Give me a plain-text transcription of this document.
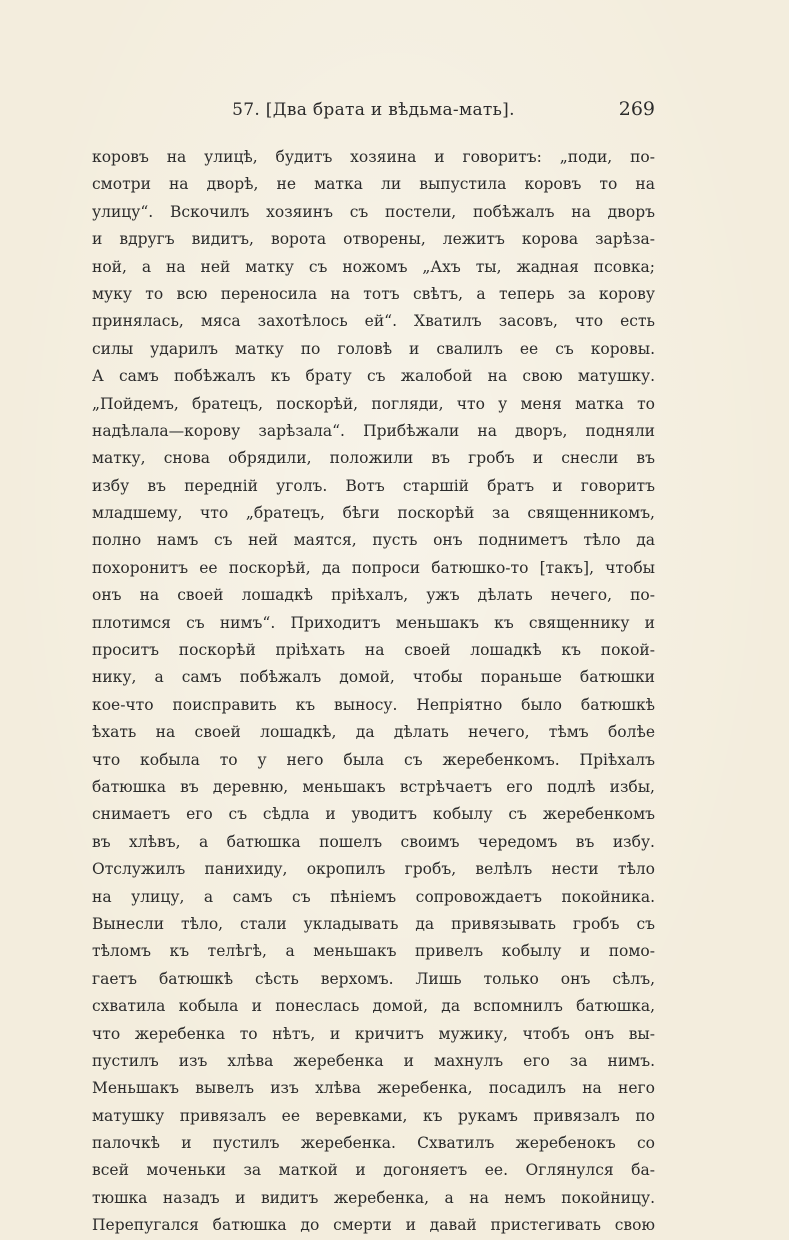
57. [Два брата и вѣдьма-мать].	269
коровъ на улицѣ, будитъ хозяина и говоритъ: „поди, по-
смотри на дворѣ, не матка ли выпустила коровъ то на
улицу“. Вскочилъ хозяинъ съ постели, побѣжалъ на дворъ
и вдругъ видитъ, ворота отворены, лежитъ корова зарѣза-
ной, а на ней матку съ ножомъ „Ахъ ты, жадная псовка;
муку то всю переносила на тотъ свѣтъ, а теперь за корову
принялась, мяса захотѣлось ей“. Хватилъ засовъ, что есть
силы ударилъ матку по головѣ и свалилъ ее съ коровы.
А самъ побѣжалъ къ брату съ жалобой на свою матушку.
„Пойдемъ, братецъ, поскорѣй, погляди, что у меня матка то
надѣлала—корову зарѣзала“. Прибѣжали на дворъ, подняли
матку, снова обрядили, положили въ гробъ и снесли въ
избу въ передній уголъ. Вотъ старшій братъ и говоритъ
младшему, что „братецъ, бѣги поскорѣй за священникомъ,
полно намъ съ ней маятся, пусть онъ подниметъ тѣло да
похоронитъ ее поскорѣй, да попроси батюшко-то [такъ], чтобы
онъ на своей лошадкѣ пріѣхалъ, ужъ дѣлать нечего, по-
плотимся съ нимъ“. Приходитъ меньшакъ къ священнику и
проситъ поскорѣй пріѣхать на своей лошадкѣ къ покой-
нику, а самъ побѣжалъ домой, чтобы пораньше батюшки
кое-что поисправить къ выносу. Непріятно было батюшкѣ
ѣхать на своей лошадкѣ, да дѣлать нечего, тѣмъ болѣе
что кобыла то у него была съ жеребенкомъ. Пріѣхалъ
батюшка въ деревню, меньшакъ встрѣчаетъ его подлѣ избы,
снимаетъ его съ сѣдла и уводитъ кобылу съ жеребенкомъ
въ хлѣвъ, а батюшка пошелъ своимъ чередомъ въ избу.
Отслужилъ панихиду, окропилъ гробъ, велѣлъ нести тѣло
на улицу, а самъ съ пѣніемъ сопровождаетъ покойника.
Вынесли тѣло, стали укладывать да привязывать гробъ съ
тѣломъ къ телѣгѣ, а меньшакъ привелъ кобылу и помо-
гаетъ батюшкѣ сѣсть верхомъ. Лишь только онъ сѣлъ,
схватила кобыла и понеслась домой, да вспомнилъ батюшка,
что жеребенка то нѣтъ, и кричитъ мужику, чтобъ онъ вы-
пустилъ изъ хлѣва жеребенка и махнулъ его за нимъ.
Меньшакъ вывелъ изъ хлѣва жеребенка, посадилъ на него
матушку привязалъ ее веревками, къ рукамъ привязалъ по
палочкѣ и пустилъ жеребенка. Схватилъ жеребенокъ со
всей моченьки за маткой и догоняетъ ее. Оглянулся ба-
тюшка назадъ и видитъ жеребенка, а на немъ покойницу.
Перепугался батюшка до смерти и давай пристегивать свою
